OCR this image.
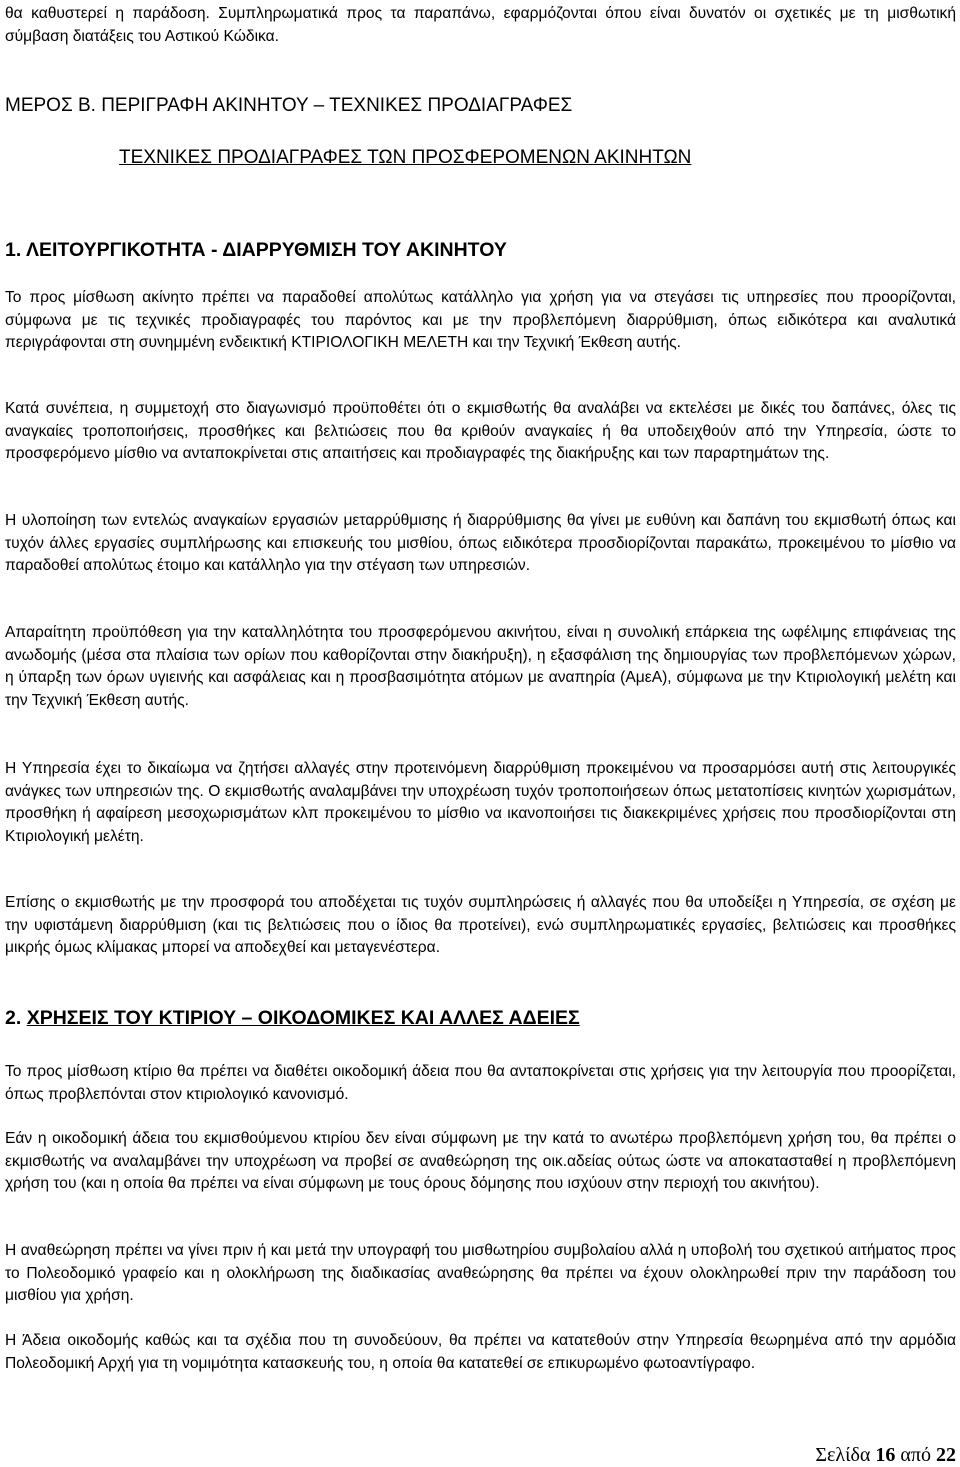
θα καθυστερεί η παράδοση. Συμπληρωματικά προς τα παραπάνω, εφαρμόζονται όπου είναι δυνατόν οι σχετικές με τη μισθωτική σύμβαση διατάξεις του Αστικού Κώδικα.

ΜΕΡΟΣ Β. ΠΕΡΙΓΡΑΦΗ ΑΚΙΝΗΤΟΥ – ΤΕΧΝΙΚΕΣ ΠΡΟΔΙΑΓΡΑΦΕΣ
ΤΕΧΝΙΚΕΣ ΠΡΟΔΙΑΓΡΑΦΕΣ ΤΩΝ ΠΡΟΣΦΕΡΟΜΕΝΩΝ ΑΚΙΝΗΤΩΝ
1. ΛΕΙΤΟΥΡΓΙΚΟΤΗΤΑ - ΔΙΑΡΡΥΘΜΙΣΗ ΤΟΥ ΑΚΙΝΗΤΟΥ

Το προς μίσθωση ακίνητο πρέπει να παραδοθεί απολύτως κατάλληλο για χρήση για να στεγάσει τις υπηρεσίες που προορίζονται, σύμφωνα με τις τεχνικές προδιαγραφές του παρόντος και με την προβλεπόμενη διαρρύθμιση, όπως ειδικότερα και αναλυτικά περιγράφονται στη συνημμένη ενδεικτική ΚΤΙΡΙΟΛΟΓΙΚΗ ΜΕΛΕΤΗ και την Τεχνική Έκθεση αυτής.

Κατά συνέπεια, η συμμετοχή στο διαγωνισμό προϋποθέτει ότι ο εκμισθωτής θα αναλάβει να εκτελέσει με δικές του δαπάνες, όλες τις αναγκαίες τροποποιήσεις, προσθήκες και βελτιώσεις που θα κριθούν αναγκαίες ή θα υποδειχθούν από την Υπηρεσία, ώστε το προσφερόμενο μίσθιο να ανταποκρίνεται στις απαιτήσεις και προδιαγραφές της διακήρυξης και των παραρτημάτων της.

Η υλοποίηση των εντελώς αναγκαίων εργασιών μεταρρύθμισης ή διαρρύθμισης θα γίνει με ευθύνη και δαπάνη του εκμισθωτή όπως και τυχόν άλλες εργασίες συμπλήρωσης και επισκευής του μισθίου, όπως ειδικότερα προσδιορίζονται παρακάτω, προκειμένου το μίσθιο να παραδοθεί απολύτως έτοιμο και κατάλληλο για την στέγαση των υπηρεσιών.

Απαραίτητη προϋπόθεση για την καταλληλότητα του προσφερόμενου ακινήτου, είναι η συνολική επάρκεια της ωφέλιμης επιφάνειας της ανωδομής (μέσα στα πλαίσια των ορίων που καθορίζονται στην διακήρυξη), η εξασφάλιση της δημιουργίας των προβλεπόμενων χώρων, η ύπαρξη των όρων υγιεινής και ασφάλειας και η προσβασιμότητα ατόμων με αναπηρία (ΑμεΑ), σύμφωνα με την Κτιριολογική μελέτη και την Τεχνική Έκθεση αυτής.

Η Υπηρεσία έχει το δικαίωμα να ζητήσει αλλαγές στην προτεινόμενη διαρρύθμιση προκειμένου να προσαρμόσει αυτή στις λειτουργικές ανάγκες των υπηρεσιών της. Ο εκμισθωτής αναλαμβάνει την υποχρέωση τυχόν τροποποιήσεων όπως μετατοπίσεις κινητών χωρισμάτων, προσθήκη ή αφαίρεση μεσοχωρισμάτων κλπ προκειμένου το μίσθιο να ικανοποιήσει τις διακεκριμένες χρήσεις που προσδιορίζονται στη Κτιριολογική μελέτη.

Επίσης ο εκμισθωτής με την προσφορά του αποδέχεται τις τυχόν συμπληρώσεις ή αλλαγές που θα υποδείξει η Υπηρεσία, σε σχέση με την υφιστάμενη διαρρύθμιση (και τις βελτιώσεις που ο ίδιος θα προτείνει), ενώ συμπληρωματικές εργασίες, βελτιώσεις και προσθήκες μικρής όμως κλίμακας μπορεί να αποδεχθεί και μεταγενέστερα.

2. ΧΡΗΣΕΙΣ ΤΟΥ ΚΤΙΡΙΟΥ – ΟΙΚΟΔΟΜΙΚΕΣ ΚΑΙ ΑΛΛΕΣ ΑΔΕΙΕΣ

Το προς μίσθωση κτίριο θα πρέπει να διαθέτει οικοδομική άδεια που θα ανταποκρίνεται στις χρήσεις για την λειτουργία που προορίζεται, όπως προβλεπόνται στον κτιριολογικό κανονισμό.

Εάν η οικοδομική άδεια του εκμισθούμενου κτιρίου δεν είναι σύμφωνη με την κατά το ανωτέρω προβλεπόμενη χρήση του, θα πρέπει ο εκμισθωτής να αναλαμβάνει την υποχρέωση να προβεί σε αναθεώρηση της οικ.αδείας ούτως ώστε να αποκατασταθεί η προβλεπόμενη χρήση του (και η οποία θα πρέπει να είναι σύμφωνη με τους όρους δόμησης που ισχύουν στην περιοχή του ακινήτου).

Η αναθεώρηση πρέπει να γίνει πριν ή και μετά την υπογραφή του μισθωτηρίου συμβολαίου αλλά η υποβολή του σχετικού αιτήματος προς το Πολεοδομικό γραφείο και η ολοκλήρωση της διαδικασίας αναθεώρησης θα πρέπει να έχουν ολοκληρωθεί πριν την παράδοση του μισθίου για χρήση.

Η Άδεια οικοδομής καθώς και τα σχέδια που τη συνοδεύουν, θα πρέπει να κατατεθούν στην Υπηρεσία θεωρημένα από την αρμόδια Πολεοδομική Αρχή για τη νομιμότητα κατασκευής του, η οποία θα κατατεθεί σε επικυρωμένο φωτοαντίγραφο.

Σελίδα 16 από 22
